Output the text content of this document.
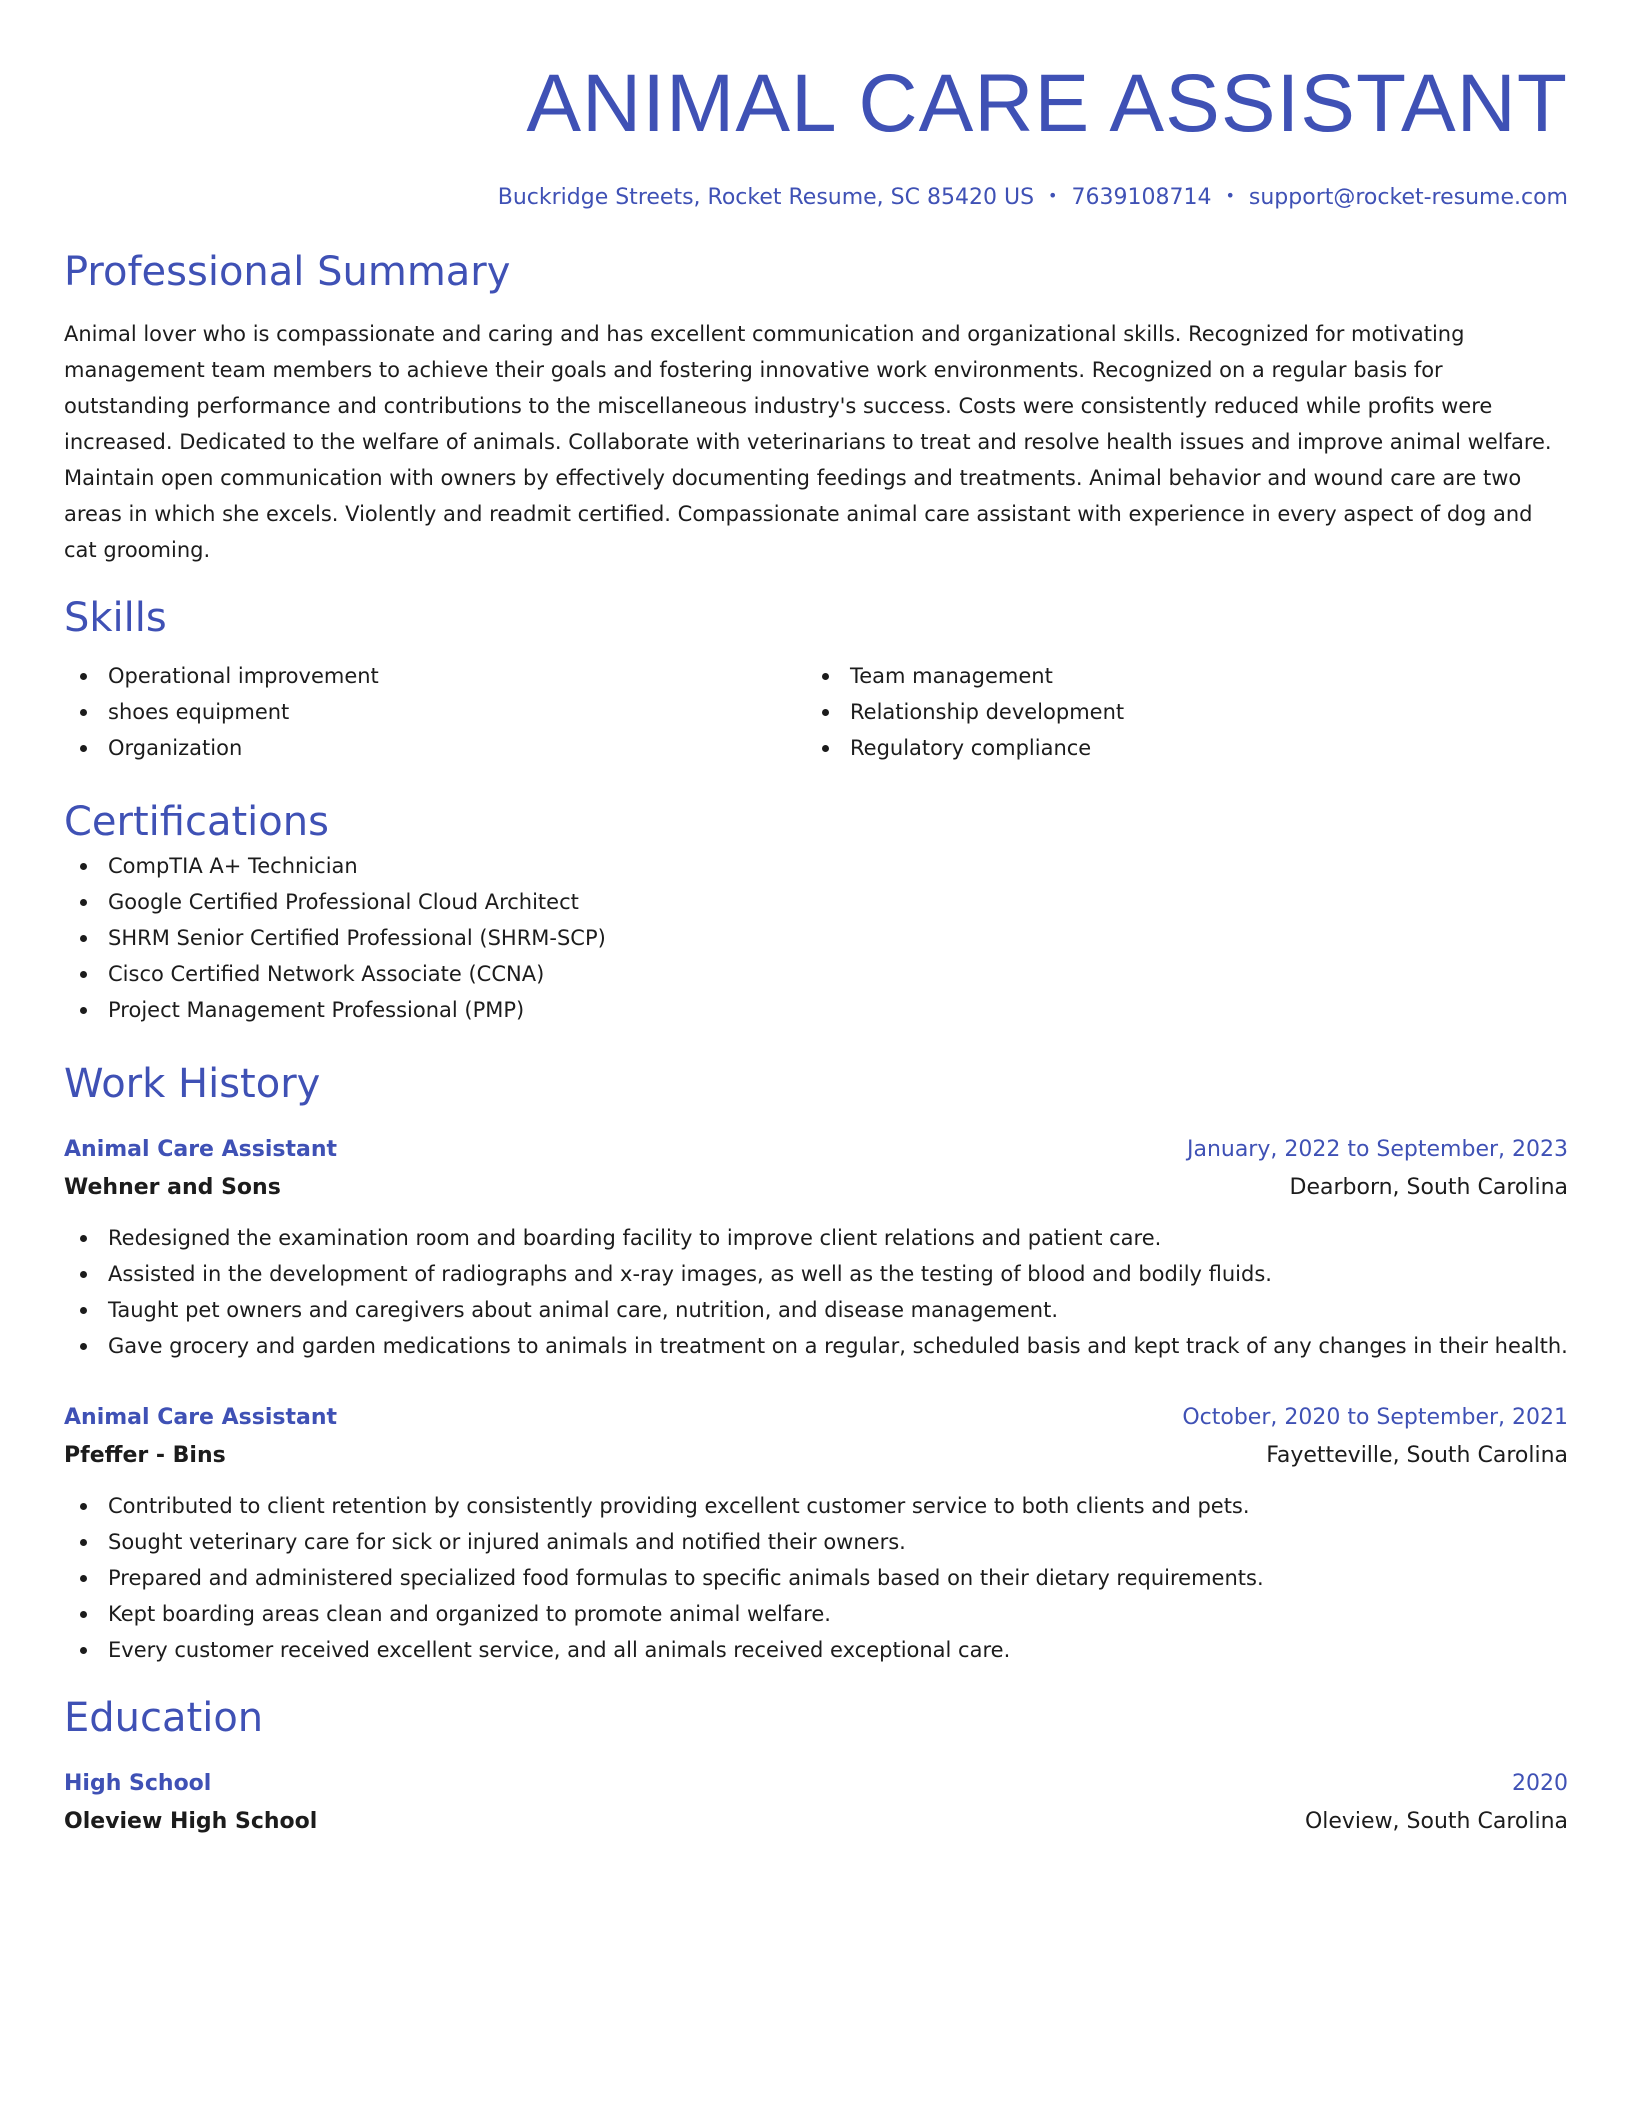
ANIMAL CARE ASSISTANT
Buckridge Streets, Rocket Resume, SC 85420 US • 7639108714 • support@rocket-resume.com
Professional Summary
Animal lover who is compassionate and caring and has excellent communication and organizational skills. Recognized for motivating management team members to achieve their goals and fostering innovative work environments. Recognized on a regular basis for outstanding performance and contributions to the miscellaneous industry's success. Costs were consistently reduced while profits were increased. Dedicated to the welfare of animals. Collaborate with veterinarians to treat and resolve health issues and improve animal welfare. Maintain open communication with owners by effectively documenting feedings and treatments. Animal behavior and wound care are two areas in which she excels. Violently and readmit certified. Compassionate animal care assistant with experience in every aspect of dog and cat grooming.
Skills
Operational improvement
shoes equipment
Organization
Team management
Relationship development
Regulatory compliance
Certifications
CompTIA A+ Technician
Google Certified Professional Cloud Architect
SHRM Senior Certified Professional (SHRM-SCP)
Cisco Certified Network Associate (CCNA)
Project Management Professional (PMP)
Work History
Animal Care Assistant	January, 2022 to September, 2023
Wehner and Sons	Dearborn, South Carolina
Redesigned the examination room and boarding facility to improve client relations and patient care.
Assisted in the development of radiographs and x-ray images, as well as the testing of blood and bodily fluids.
Taught pet owners and caregivers about animal care, nutrition, and disease management.
Gave grocery and garden medications to animals in treatment on a regular, scheduled basis and kept track of any changes in their health.
Animal Care Assistant	October, 2020 to September, 2021
Pfeffer - Bins	Fayetteville, South Carolina
Contributed to client retention by consistently providing excellent customer service to both clients and pets.
Sought veterinary care for sick or injured animals and notified their owners.
Prepared and administered specialized food formulas to specific animals based on their dietary requirements.
Kept boarding areas clean and organized to promote animal welfare.
Every customer received excellent service, and all animals received exceptional care.
Education
High School	2020
Oleview High School	Oleview, South Carolina
